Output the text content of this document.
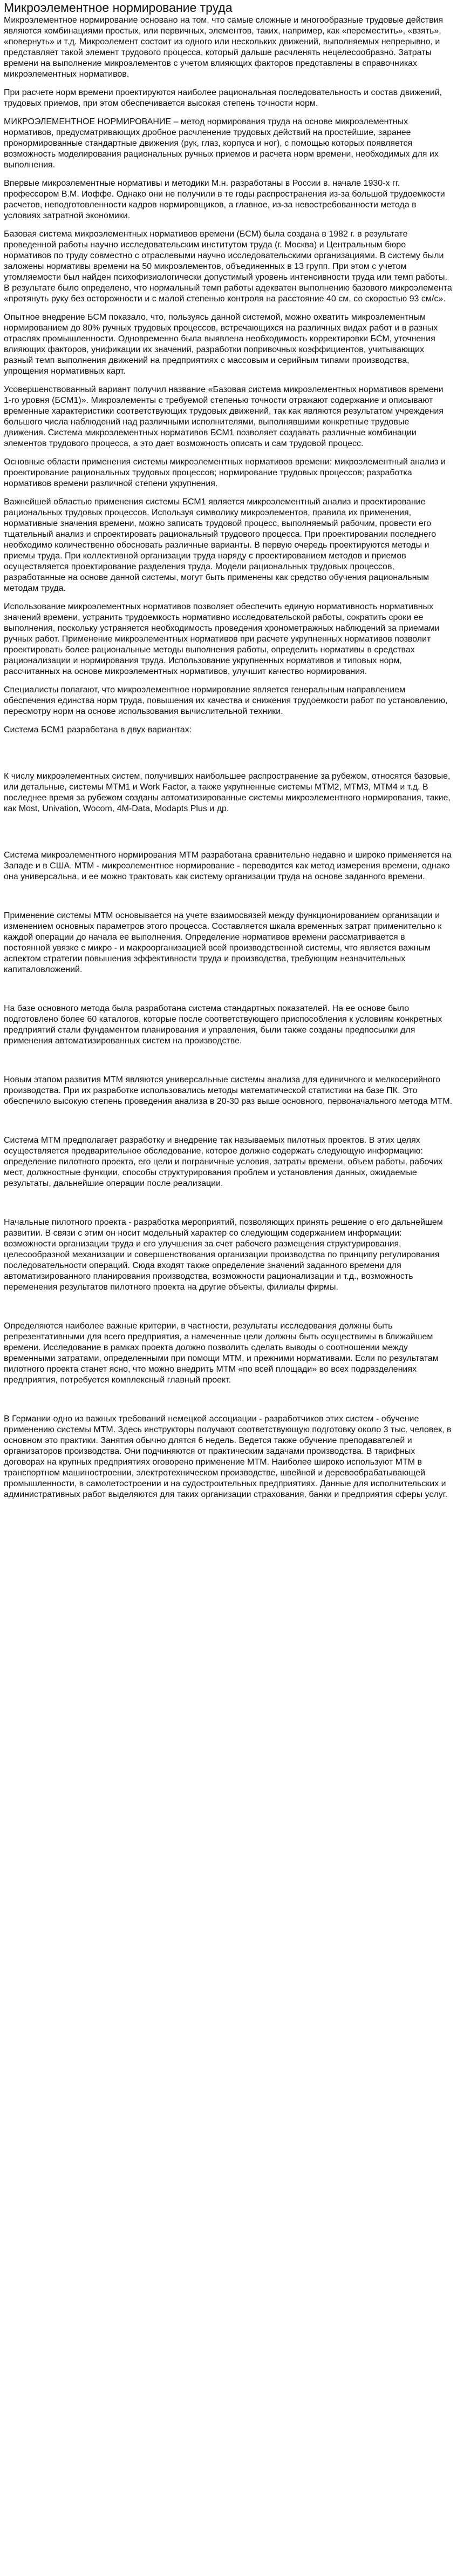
Микроэлементное нормирование труда

Микроэлементное нормирование основано на том, что самые сложные и многообразные трудовые действия являются комбинациями простых, или первичных, элементов, таких, например, как «переместить», «взять», «повернуть» и т.д. Микроэлемент состоит из одного или нескольких движений, выполняемых непрерывно, и представляет такой элемент трудового процесса, который дальше расчленять нецелесообразно. Затраты времени на выполнение микроэлементов с учетом влияющих факторов представлены в справочниках микроэлементных нормативов.

При расчете норм времени проектируются наиболее рациональная последовательность и состав движений, трудовых приемов, при этом обеспечивается высокая степень точности норм.

МИКРОЭЛЕМЕНТНОЕ НОРМИРОВАНИЕ – метод нормирования труда на основе микроэлементных нормативов, предусматривающих дробное расчленение трудовых действий на простейшие, заранее пронормированные стандартные движения (рук, глаз, корпуса и ног), с помощью которых появляется возможность моделирования рациональных ручных приемов и расчета норм времени, необходимых для их выполнения.

Впервые микроэлементные нормативы и методики М.н. разработаны в России в. начале 1930-х гг. профессором В.М. Иоффе. Однако они не получили в те годы распространения из-за большой трудоемкости расчетов, неподготовленности кадров нормировщиков, а главное, из-за невостребованности метода в условиях затратной экономики.

Базовая система микроэлементных нормативов времени (БСМ) была создана в 1982 г. в результате проведенной работы научно исследовательским институтом труда (г. Москва) и Центральным бюро нормативов по труду совместно с отраслевыми научно исследовательскими организациями. В систему были заложены нормативы времени на 50 микроэлементов, объединенных в 13 групп. При этом с учетом утомляемости был найден психофизиологически допустимый уровень интенсивности труда или темп работы. В результате было определено, что нормальный темп работы адекватен выполнению базового микроэлемента «протянуть руку без осторожности и с малой степенью контроля на расстояние 40 см, со скоростью 93 см/с».

Опытное внедрение БСМ показало, что, пользуясь данной системой, можно охватить микроэлементным нормированием до 80% ручных трудовых процессов, встречающихся на различных видах работ и в разных отраслях промышленности. Одновременно была выявлена необходимость корректировки БСМ, уточнения влияющих факторов, унификации их значений, разработки попривочных коэффициентов, учитывающих разный темп выполнения движений на предприятиях с массовым и серийным типами производства, упрощения нормативных карт.

Усовершенствованный вариант получил название «Базовая система микроэлементных нормативов времени 1-го уровня (БСМ1)». Микроэлементы с требуемой степенью точности отражают содержание и описывают временные характеристики соответствующих трудовых движений, так как являются результатом учреждения большого числа наблюдений над различными исполнителями, выполнявшими конкретные трудовые движения. Система микроэлементных нормативов БСМ1 позволяет создавать различные комбинации элементов трудового процесса, а это дает возможность описать и сам трудовой процесс.

Основные области применения системы микроэлементных нормативов времени: микроэлементный анализ и проектирование рациональных трудовых процессов; нормирование трудовых процессов; разработка нормативов времени различной степени укрупнения.

Важнейшей областью применения системы БСМ1 является микроэлементный анализ и проектирование рациональных трудовых процессов. Используя символику микроэлементов, правила их применения, нормативные значения времени, можно записать трудовой процесс, выполняемый рабочим, провести его тщательный анализ и спроектировать рациональный трудового процесса. При проектировании последнего необходимо количественно обосновать различные варианты. В первую очередь проектируются методы и приемы труда. При коллективной организации труда наряду с проектированием методов и приемов осуществляется проектирование разделения труда. Модели рациональных трудовых процессов, разработанные на основе данной системы, могут быть применены как средство обучения рациональным методам труда.

Использование микроэлементных нормативов позволяет обеспечить единую нормативность нормативных значений времени, устранить трудоемкость нормативно исследовательской работы, сократить сроки ее выполнения, поскольку устраняется необходимость проведения хронометражных наблюдений за приемами ручных работ. Применение микроэлементных нормативов при расчете укрупненных нормативов позволит проектировать более рациональные методы выполнения работы, определить нормативы в средствах рационализации и нормирования труда. Использование укрупненных нормативов и типовых норм, рассчитанных на основе микроэлементных нормативов, улучшит качество нормирования.

Специалисты полагают, что микроэлементное нормирование является генеральным направлением обеспечения единства норм труда, повышения их качества и снижения трудоемкости работ по установлению, пересмотру норм на основе использования вычислительной техники.

Система БСМ1 разработана в двух вариантах:

К числу микроэлементных систем, получивших наибольшее распространение за рубежом, относятся базовые, или детальные, системы MTM1 и Work Factor, а также укрупненные системы MTM2, MTM3, MTM4 и т.д. В последнее время за рубежом созданы автоматизированные системы микроэлементного нормирования, такие, как Most, Univation, Wocom, 4M-Data, Modapts Plus и др.

Система микроэлементного нормирования МТМ разработана сравнительно недавно и широко применяется на Западе и в США. МТМ - микроэлементное нормирование - переводится как метод измерения времени, однако она универсальна, и ее можно трактовать как систему организации труда на основе заданного времени.

Применение системы МТМ основывается на учете взаимосвязей между функционированием организации и изменением основных параметров этого процесса. Составляется шкала временных затрат применительно к каждой операции до начала ее выполнения. Определение нормативов времени рассматривается в постоянной увязке с микро - и макроорганизацией всей производственной системы, что является важным аспектом стратегии повышения эффективности труда и производства, требующим незначительных капиталовложений.

На базе основного метода была разработана система стандартных показателей. На ее основе было подготовлено более 60 каталогов, которые после соответствующего приспособления к условиям конкретных предприятий стали фундаментом планирования и управления, были также созданы предпосылки для применения автоматизированных систем на производстве.

Новым этапом развития МТМ являются универсальные системы анализа для единичного и мелкосерийного производства. При их разработке использовались методы математической статистики на базе ПК. Это обеспечило высокую степень проведения анализа в 20-30 раз выше основного, первоначального метода МТМ.

Система МТМ предполагает разработку и внедрение так называемых пилотных проектов. В этих целях осуществляется предварительное обследование, которое должно содержать следующую информацию: определение пилотного проекта, его цели и пограничные условия, затраты времени, объем работы, рабочих мест, должностные функции, способы структурирования проблем и установления данных, ожидаемые результаты, дальнейшие операции после реализации.

Начальные пилотного проекта - разработка мероприятий, позволяющих принять решение о его дальнейшем развитии. В связи с этим он носит модельный характер со следующим содержанием информации: возможности организации труда и его улучшения за счет рабочего размещения структурирования, целесообразной механизации и совершенствования организации производства по принципу регулирования последовательности операций. Сюда входят также определение значений заданного времени для автоматизированного планирования производства, возможности рационализации и т.д., возможность переменения результатов пилотного проекта на другие объекты, филиалы фирмы.

Определяются наиболее важные критерии, в частности, результаты исследования должны быть репрезентативными для всего предприятия, а намеченные цели должны быть осуществимы в ближайшем времени. Исследование в рамках проекта должно позволить сделать выводы о соотношении между временными затратами, определенными при помощи МТМ, и прежними нормативами. Если по результатам пилотного проекта станет ясно, что можно внедрить МТМ «по всей площади» во всех подразделениях предприятия, потребуется комплексный главный проект.

В Германии одно из важных требований немецкой ассоциации - разработчиков этих систем - обучение применению системы МТМ. Здесь инструкторы получают соответствующую подготовку около 3 тыс. человек, в основном это практики. Занятия обычно длятся 6 недель. Ведется также обучение преподавателей и организаторов производства. Они подчиняются от практическим задачами производства. В тарифных договорах на крупных предприятиях оговорено применение МТМ. Наиболее широко используют МТМ в транспортном машиностроении, электротехническом производстве, швейной и деревообрабатывающей промышленности, в самолетостроении и на судостроительных предприятиях. Данные для исполнительских и административных работ выделяются для таких организации страхования, банки и предприятия сферы услуг.
